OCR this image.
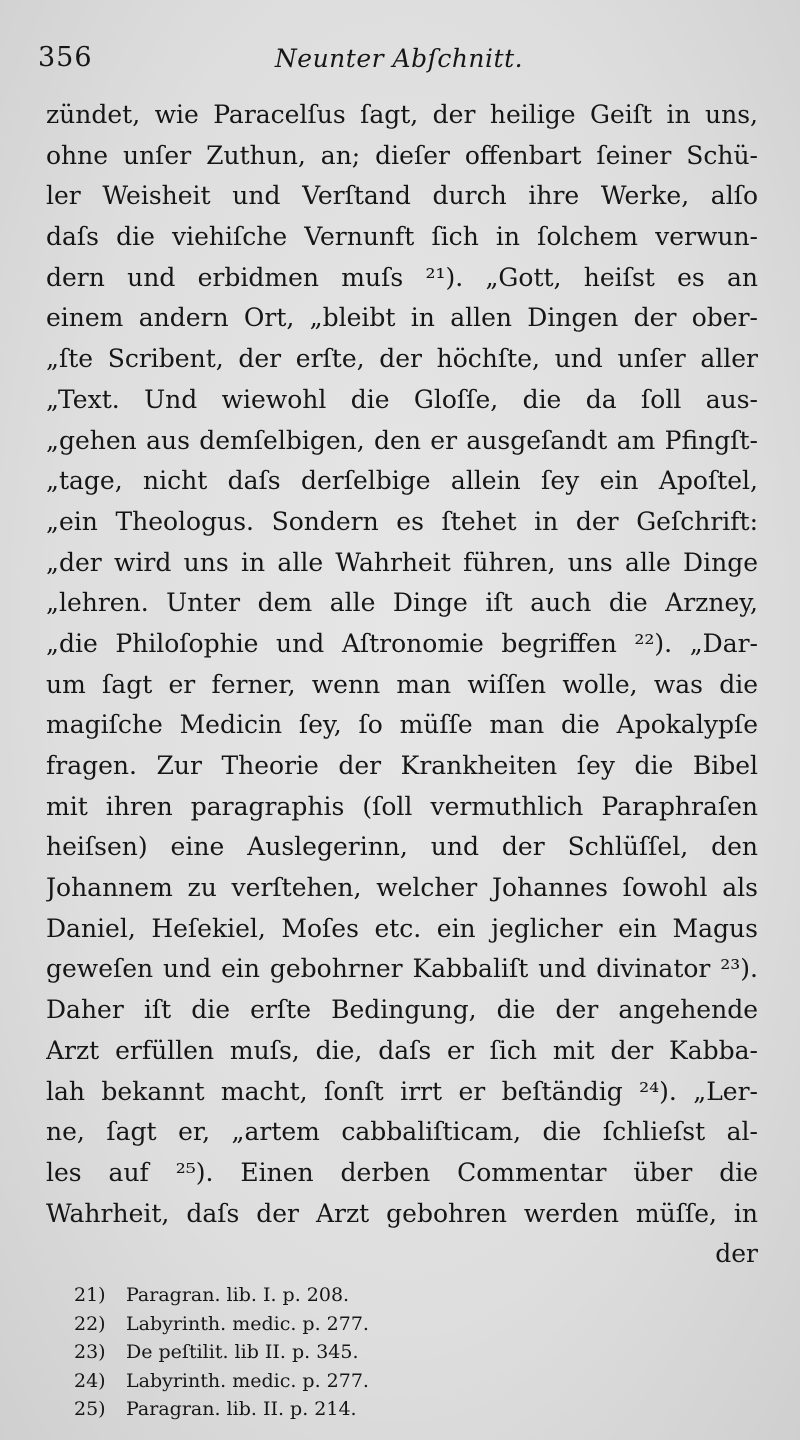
356	Neunter Abſchnitt.
zündet, wie Paracelſus ſagt, der heilige Geiſt in uns,
ohne unſer Zuthun, an; dieſer offenbart ſeiner Schü-
ler Weisheit und Verſtand durch ihre Werke, alſo
daſs die viehiſche Vernunft ſich in ſolchem verwun-
dern und erbidmen muſs ²¹). „Gott, heiſst es an
einem andern Ort, „bleibt in allen Dingen der ober-
„ſte Scribent, der erſte, der höchſte, und unſer aller
„Text. Und wiewohl die Gloſſe, die da ſoll aus-
„gehen aus demſelbigen, den er ausgeſandt am Pfingſt-
„tage, nicht daſs derſelbige allein ſey ein Apoſtel,
„ein Theologus. Sondern es ſtehet in der Geſchrift:
„der wird uns in alle Wahrheit führen, uns alle Dinge
„lehren. Unter dem alle Dinge iſt auch die Arzney,
„die Philoſophie und Aſtronomie begriffen ²²). „Dar-
um ſagt er ferner, wenn man wiſſen wolle, was die
magiſche Medicin ſey, ſo müſſe man die Apokalypſe
fragen. Zur Theorie der Krankheiten ſey die Bibel
mit ihren paragraphis (ſoll vermuthlich Paraphraſen
heiſsen) eine Auslegerinn, und der Schlüſſel, den
Johannem zu verſtehen, welcher Johannes ſowohl als
Daniel, Heſekiel, Moſes etc. ein jeglicher ein Magus
geweſen und ein gebohrner Kabbaliſt und divinator ²³).
Daher iſt die erſte Bedingung, die der angehende
Arzt erfüllen muſs, die, daſs er ſich mit der Kabba-
lah bekannt macht, ſonſt irrt er beſtändig ²⁴). „Ler-
ne, ſagt er, „artem cabbaliſticam, die ſchlieſst al-
les auf ²⁵). Einen derben Commentar über die
Wahrheit, daſs der Arzt gebohren werden müſſe, in
der
21) Paragran. lib. I. p. 208.
22) Labyrinth. medic. p. 277.
23) De peſtilit. lib II. p. 345.
24) Labyrinth. medic. p. 277.
25) Paragran. lib. II. p. 214.
